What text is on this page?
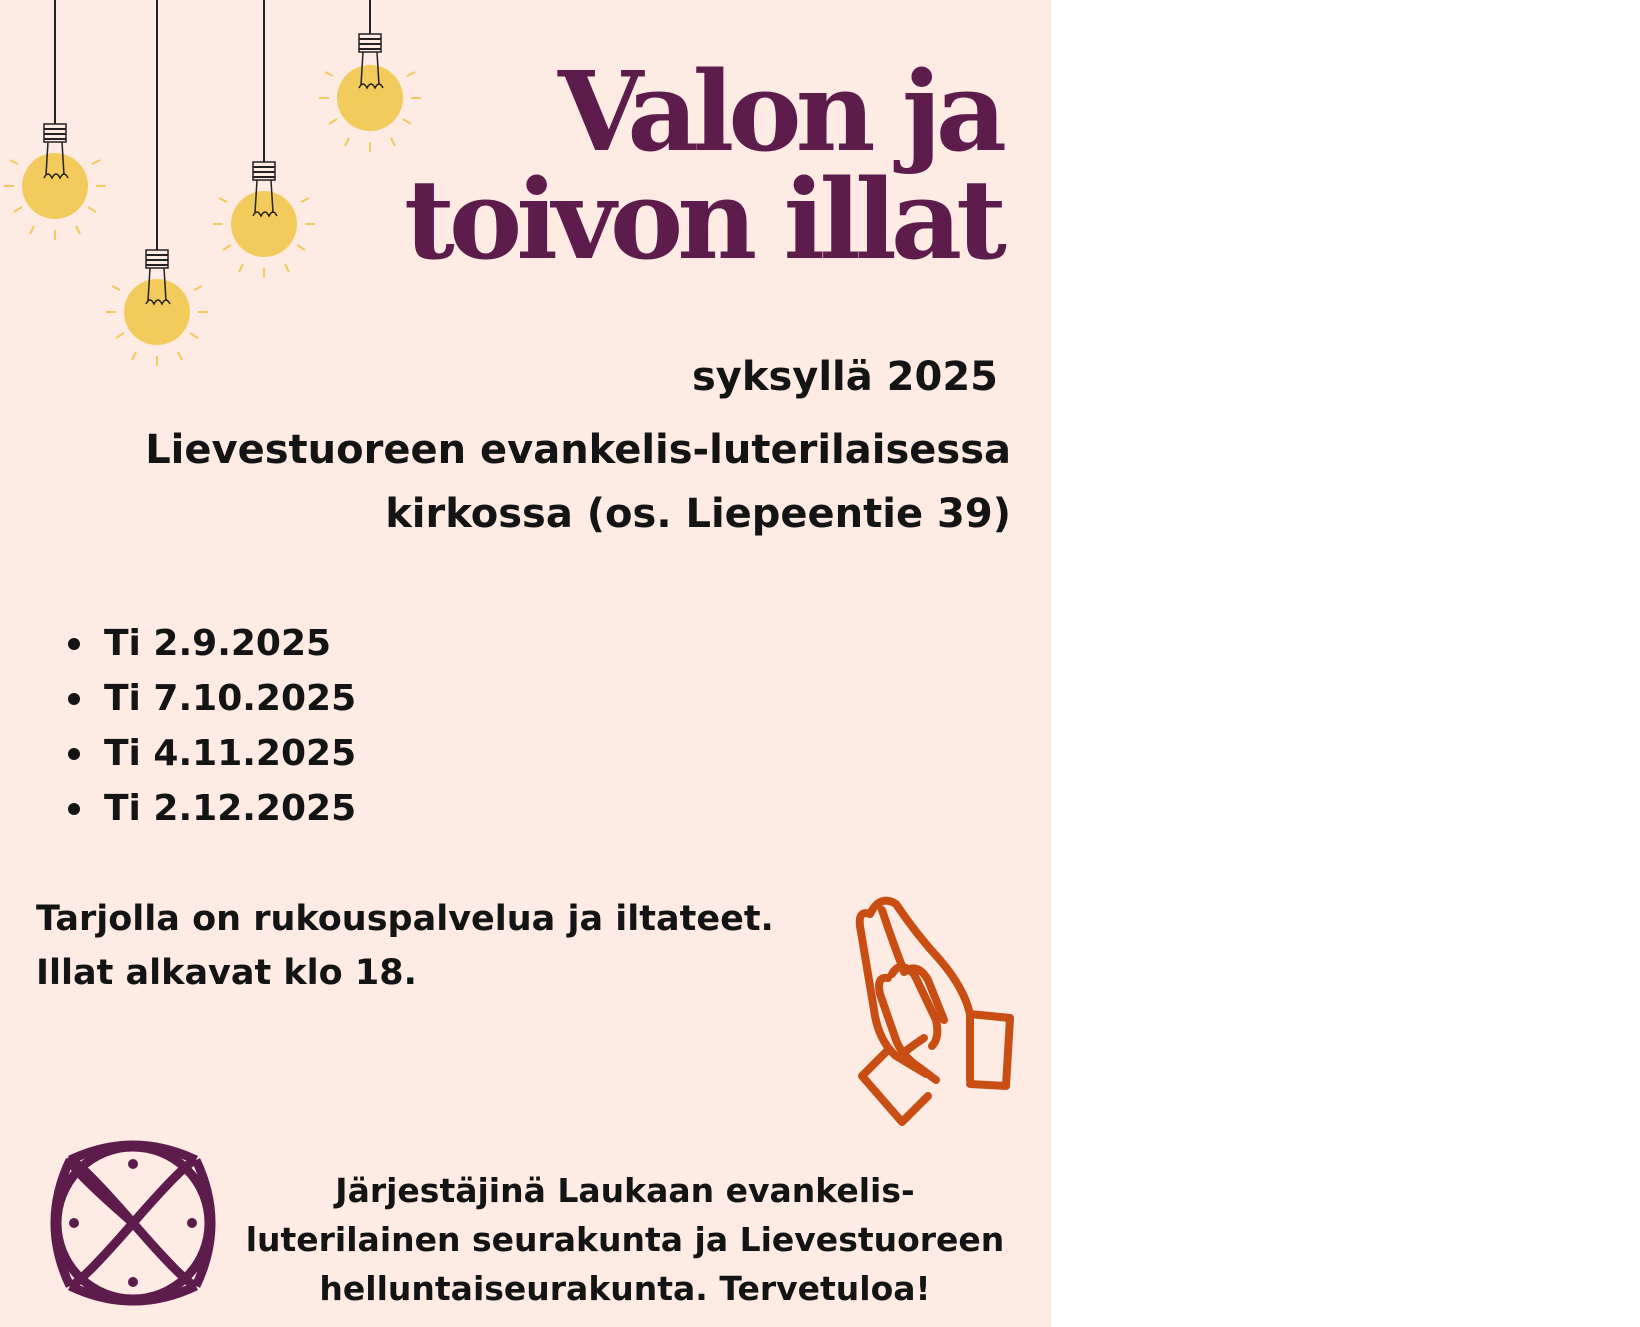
Valon ja
toivon illat
syksyllä 2025
Lievestuoreen evankelis-luterilaisessa
kirkossa (os. Liepeentie 39)
Ti 2.9.2025
Ti 7.10.2025
Ti 4.11.2025
Ti 2.12.2025
Tarjolla on rukouspalvelua ja iltateet.
Illat alkavat klo 18.
Järjestäjinä Laukaan evankelis-luterilainen seurakunta ja Lievestuoreen helluntaiseurakunta. Tervetuloa!
